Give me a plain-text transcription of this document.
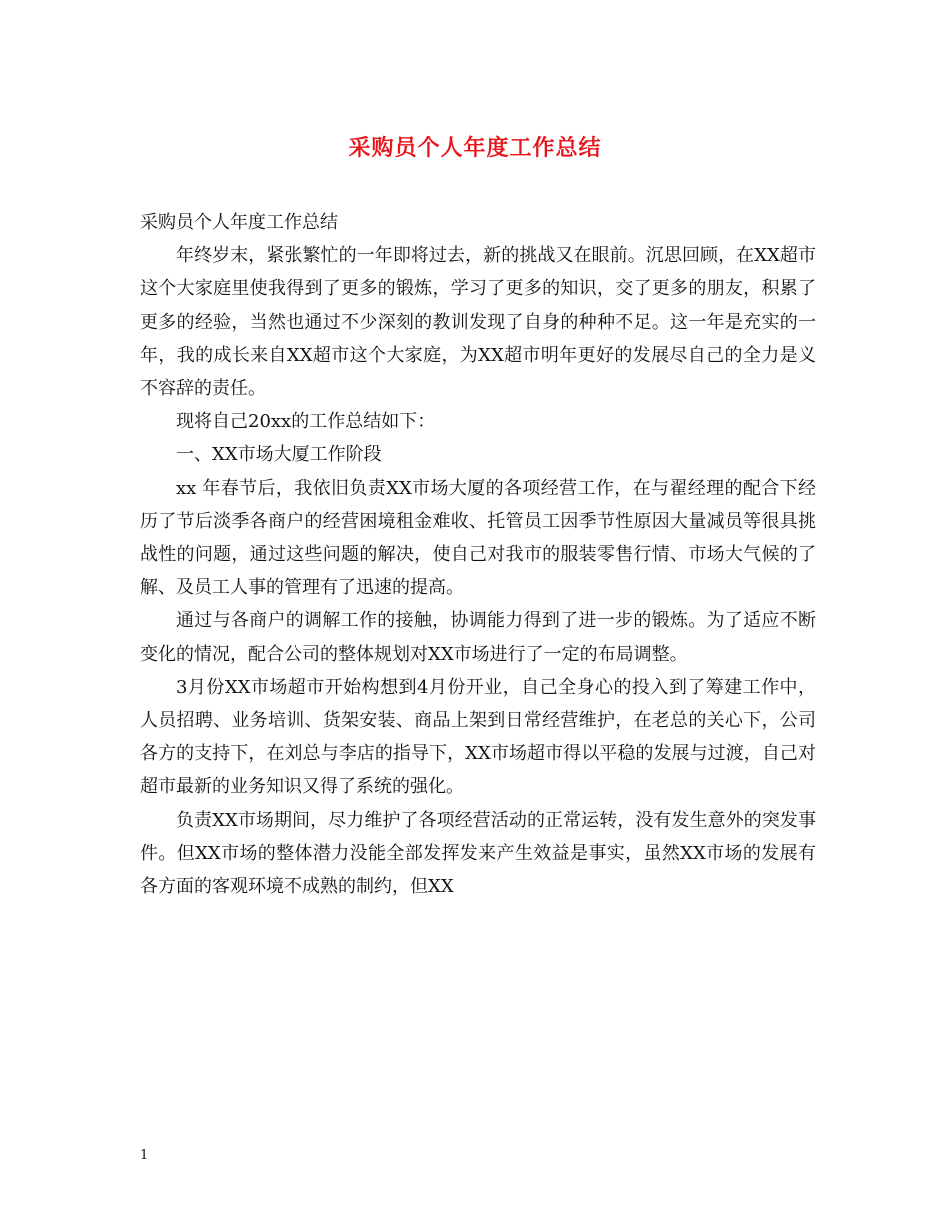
采购员个人年度工作总结

采购员个人年度工作总结

年终岁末，紧张繁忙的一年即将过去，新的挑战又在眼前。沉思回顾，在XX超市这个大家庭里使我得到了更多的锻炼，学习了更多的知识，交了更多的朋友，积累了更多的经验，当然也通过不少深刻的教训发现了自身的种种不足。这一年是充实的一年，我的成长来自XX超市这个大家庭，为XX超市明年更好的发展尽自己的全力是义不容辞的责任。

现将自己20xx的工作总结如下：

一、XX市场大厦工作阶段

xx 年春节后，我依旧负责XX市场大厦的各项经营工作，在与翟经理的配合下经历了节后淡季各商户的经营困境租金难收、托管员工因季节性原因大量减员等很具挑战性的问题，通过这些问题的解决，使自己对我市的服装零售行情、市场大气候的了解、及员工人事的管理有了迅速的提高。

通过与各商户的调解工作的接触，协调能力得到了进一步的锻炼。为了适应不断变化的情况，配合公司的整体规划对XX市场进行了一定的布局调整。

3月份XX市场超市开始构想到4月份开业，自己全身心的投入到了筹建工作中，人员招聘、业务培训、货架安装、商品上架到日常经营维护，在老总的关心下，公司各方的支持下，在刘总与李店的指导下，XX市场超市得以平稳的发展与过渡，自己对超市最新的业务知识又得了系统的强化。

负责XX市场期间，尽力维护了各项经营活动的正常运转，没有发生意外的突发事件。但XX市场的整体潜力没能全部发挥发来产生效益是事实，虽然XX市场的发展有各方面的客观环境不成熟的制约，但XX

1
